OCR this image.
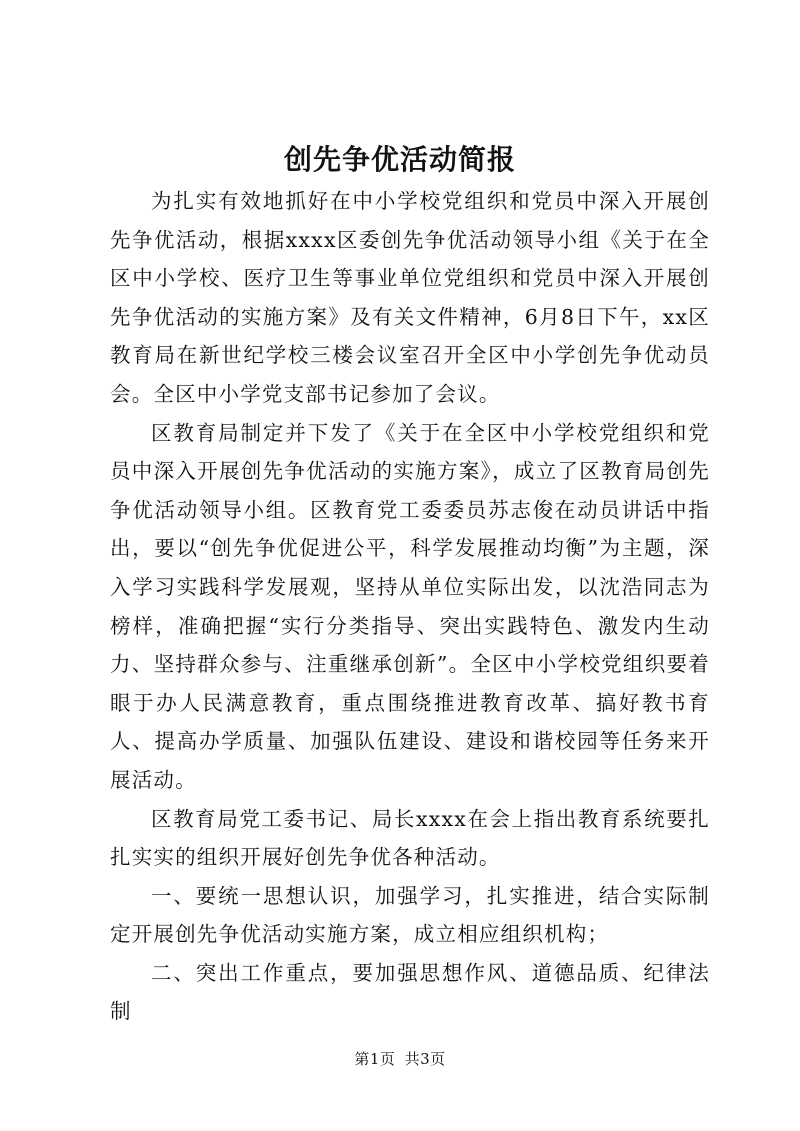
创先争优活动简报

为扎实有效地抓好在中小学校党组织和党员中深入开展创先争优活动，根据xxxx区委创先争优活动领导小组《关于在全区中小学校、医疗卫生等事业单位党组织和党员中深入开展创先争优活动的实施方案》及有关文件精神，6月8日下午，xx区教育局在新世纪学校三楼会议室召开全区中小学创先争优动员会。全区中小学党支部书记参加了会议。

区教育局制定并下发了《关于在全区中小学校党组织和党员中深入开展创先争优活动的实施方案》，成立了区教育局创先争优活动领导小组。区教育党工委委员苏志俊在动员讲话中指出，要以“创先争优促进公平，科学发展推动均衡”为主题，深入学习实践科学发展观，坚持从单位实际出发，以沈浩同志为榜样，准确把握“实行分类指导、突出实践特色、激发内生动力、坚持群众参与、注重继承创新”。全区中小学校党组织要着眼于办人民满意教育，重点围绕推进教育改革、搞好教书育人、提高办学质量、加强队伍建设、建设和谐校园等任务来开展活动。

区教育局党工委书记、局长xxxx在会上指出教育系统要扎扎实实的组织开展好创先争优各种活动。

一、要统一思想认识，加强学习，扎实推进，结合实际制定开展创先争优活动实施方案，成立相应组织机构；

二、突出工作重点，要加强思想作风、道德品质、纪律法制

第1页 共3页
